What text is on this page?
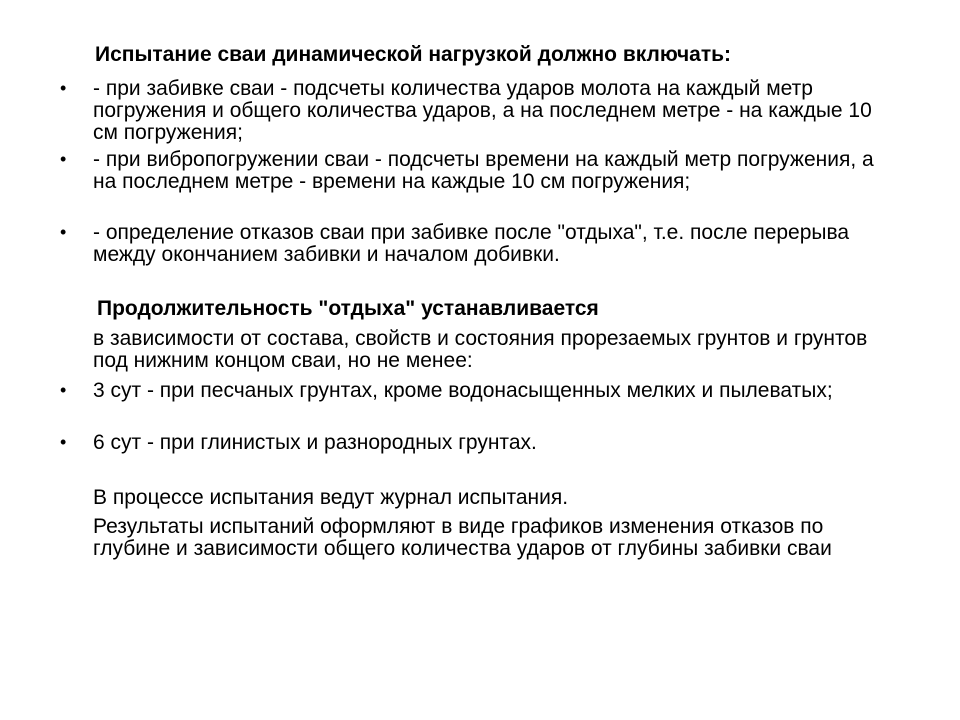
Испытание сваи динамической нагрузкой должно включать:
•	- при забивке сваи - подсчеты количества ударов молота на каждый метр погружения и общего количества ударов, а на последнем метре - на каждые 10 см погружения;
•	- при вибропогружении сваи - подсчеты времени на каждый метр погружения, а на последнем метре - времени на каждые 10 см погружения;
•	- определение отказов сваи при забивке после "отдыха", т.е. после перерыва между окончанием забивки и началом добивки.
Продолжительность "отдыха" устанавливается
в зависимости от состава, свойств и состояния прорезаемых грунтов и грунтов под нижним концом сваи, но не менее:
•	3 сут - при песчаных грунтах, кроме водонасыщенных мелких и пылеватых;
•	6 сут - при глинистых и разнородных грунтах.
В процессе испытания ведут журнал испытания.
Результаты испытаний оформляют в виде графиков изменения отказов по глубине и зависимости общего количества ударов от глубины забивки сваи
